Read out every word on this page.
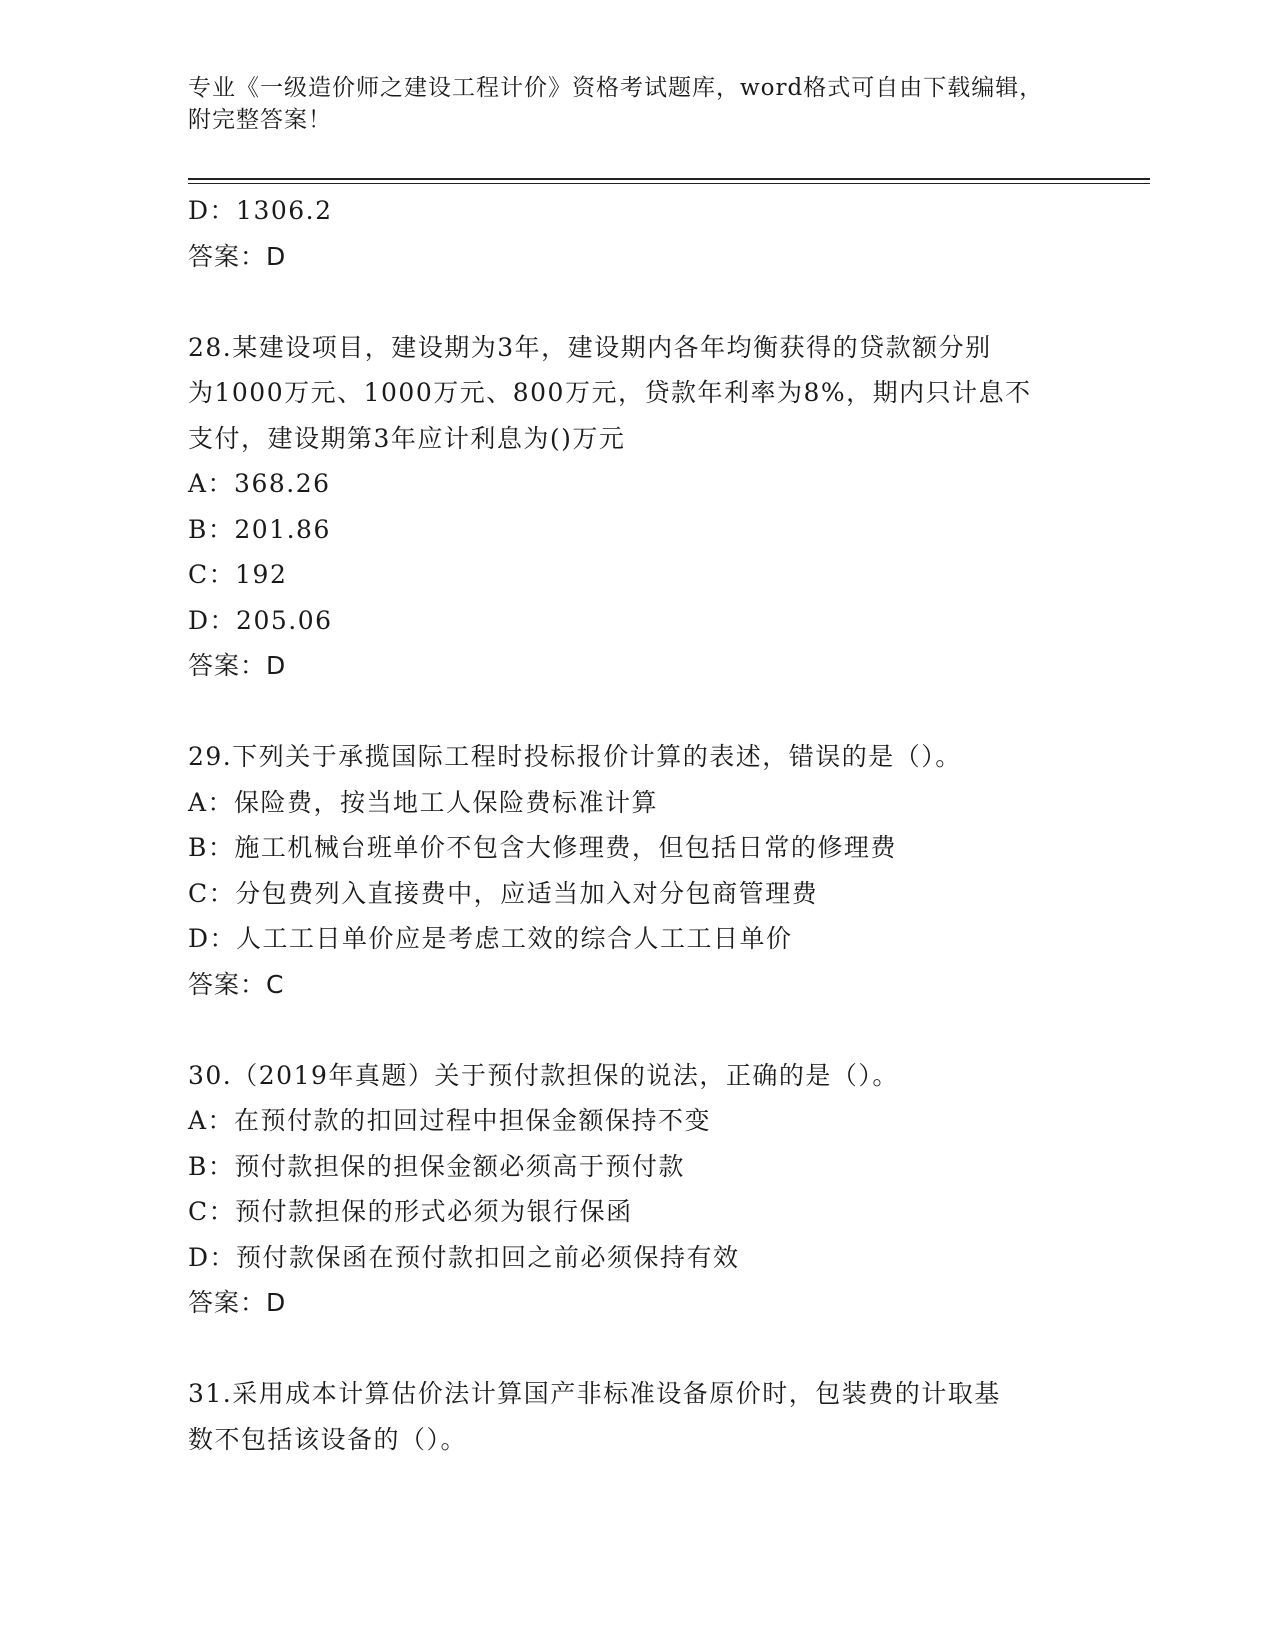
专业《一级造价师之建设工程计价》资格考试题库，word格式可自由下载编辑，
附完整答案！
D：1306.2
答案：D
28.某建设项目，建设期为3年，建设期内各年均衡获得的贷款额分别
为1000万元、1000万元、800万元，贷款年利率为8%，期内只计息不
支付，建设期第3年应计利息为()万元
A：368.26
B：201.86
C：192
D：205.06
答案：D
29.下列关于承揽国际工程时投标报价计算的表述，错误的是（）。
A：保险费，按当地工人保险费标准计算
B：施工机械台班单价不包含大修理费，但包括日常的修理费
C：分包费列入直接费中，应适当加入对分包商管理费
D：人工工日单价应是考虑工效的综合人工工日单价
答案：C
30.（2019年真题）关于预付款担保的说法，正确的是（）。
A：在预付款的扣回过程中担保金额保持不变
B：预付款担保的担保金额必须高于预付款
C：预付款担保的形式必须为银行保函
D：预付款保函在预付款扣回之前必须保持有效
答案：D
31.采用成本计算估价法计算国产非标准设备原价时，包装费的计取基
数不包括该设备的（）。
